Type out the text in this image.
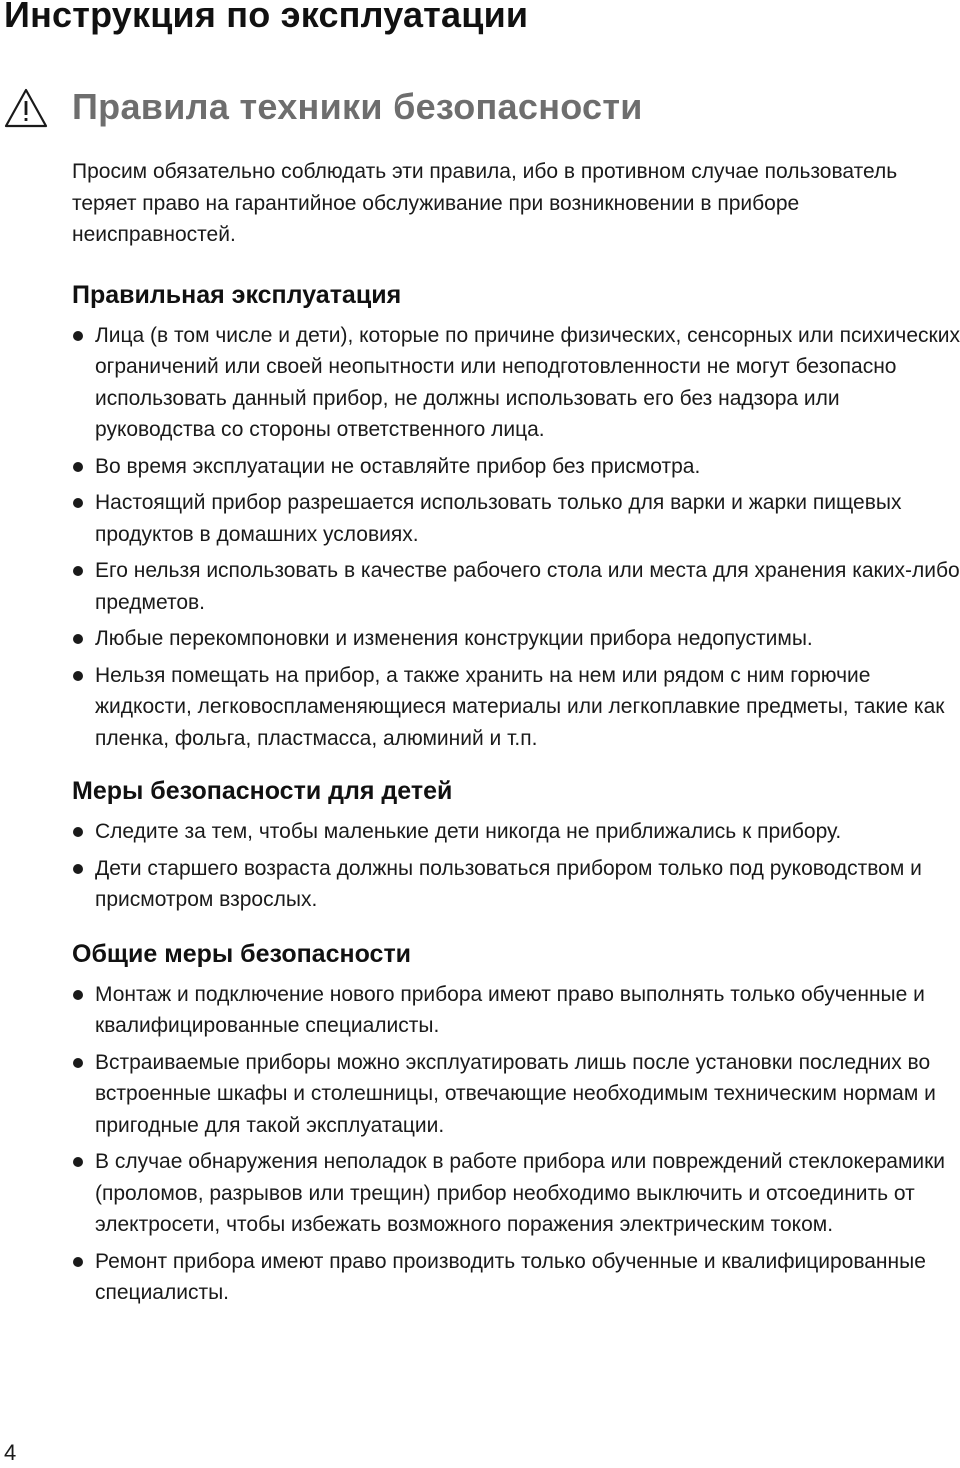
Инструкция по эксплуатации
Правила техники безопасности

Просим обязательно соблюдать эти правила, ибо в противном случае пользователь теряет право на гарантийное обслуживание при возникновении в приборе неисправностей.

Правильная эксплуатация
Лица (в том числе и дети), которые по причине физических, сенсорных или психических ограничений или своей неопытности или неподготовленности не могут безопасно использовать данный прибор, не должны использовать его без надзора или руководства со стороны ответственного лица.
Во время эксплуатации не оставляйте прибор без присмотра.
Настоящий прибор разрешается использовать только для варки и жарки пищевых продуктов в домашних условиях.
Его нельзя использовать в качестве рабочего стола или места для хранения каких-либо предметов.
Любые перекомпоновки и изменения конструкции прибора недопустимы.
Нельзя помещать на прибор, а также хранить на нем или рядом с ним горючие жидкости, легковоспламеняющиеся материалы или легкоплавкие предметы, такие как пленка, фольга, пластмасса, алюминий и т.п.
Меры безопасности для детей
Следите за тем, чтобы маленькие дети никогда не приближались к прибору.
Дети старшего возраста должны пользоваться прибором только под руководством и присмотром взрослых.
Общие меры безопасности
Монтаж и подключение нового прибора имеют право выполнять только обученные и квалифицированные специалисты.
Встраиваемые приборы можно эксплуатировать лишь после установки последних во встроенные шкафы и столешницы, отвечающие необходимым техническим нормам и пригодные для такой эксплуатации.
В случае обнаружения неполадок в работе прибора или повреждений стеклокерамики (проломов, разрывов или трещин) прибор необходимо выключить и отсоединить от электросети, чтобы избежать возможного поражения электрическим током.
Ремонт прибора имеют право производить только обученные и квалифицированные специалисты.
4
